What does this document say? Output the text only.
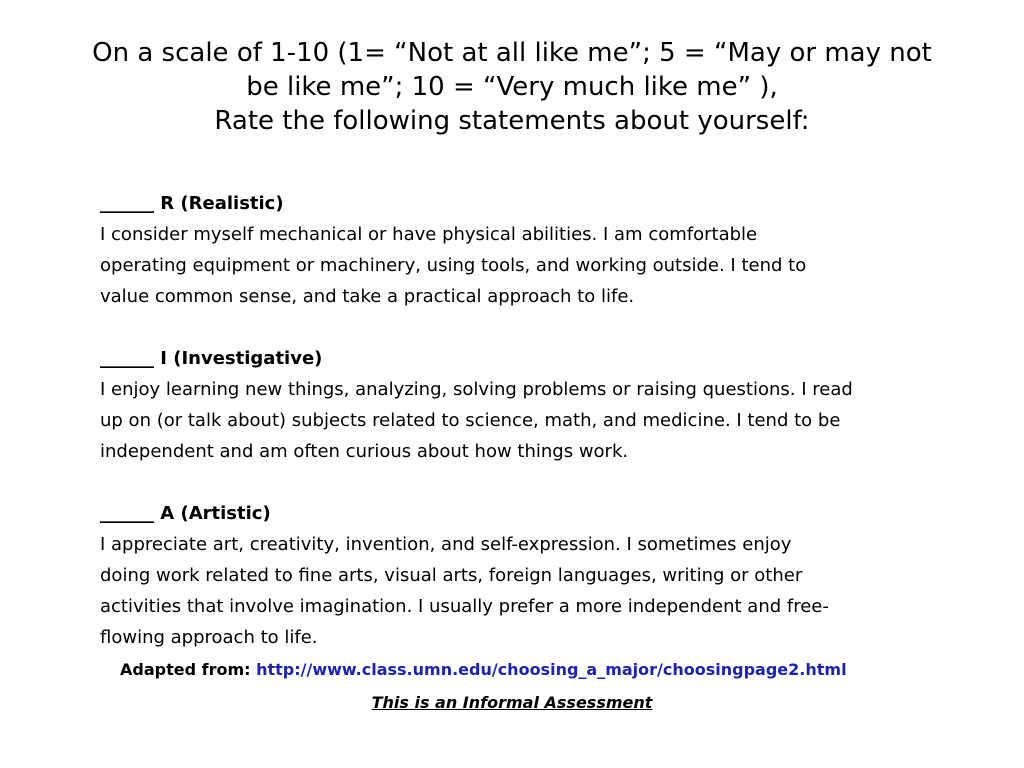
On a scale of 1-10 (1= “Not at all like me”; 5 = “May or may not
be like me”; 10 = “Very much like me” ),
Rate the following statements about yourself:
______ R (Realistic)
I consider myself mechanical or have physical abilities. I am comfortable
operating equipment or machinery, using tools, and working outside. I tend to
value common sense, and take a practical approach to life.
______ I (Investigative)
I enjoy learning new things, analyzing, solving problems or raising questions. I read
up on (or talk about) subjects related to science, math, and medicine. I tend to be
independent and am often curious about how things work.
______ A (Artistic)
I appreciate art, creativity, invention, and self-expression. I sometimes enjoy
doing work related to fine arts, visual arts, foreign languages, writing or other
activities that involve imagination. I usually prefer a more independent and free-
flowing approach to life.
Adapted from: http://www.class.umn.edu/choosing_a_major/choosingpage2.html
This is an Informal Assessment
